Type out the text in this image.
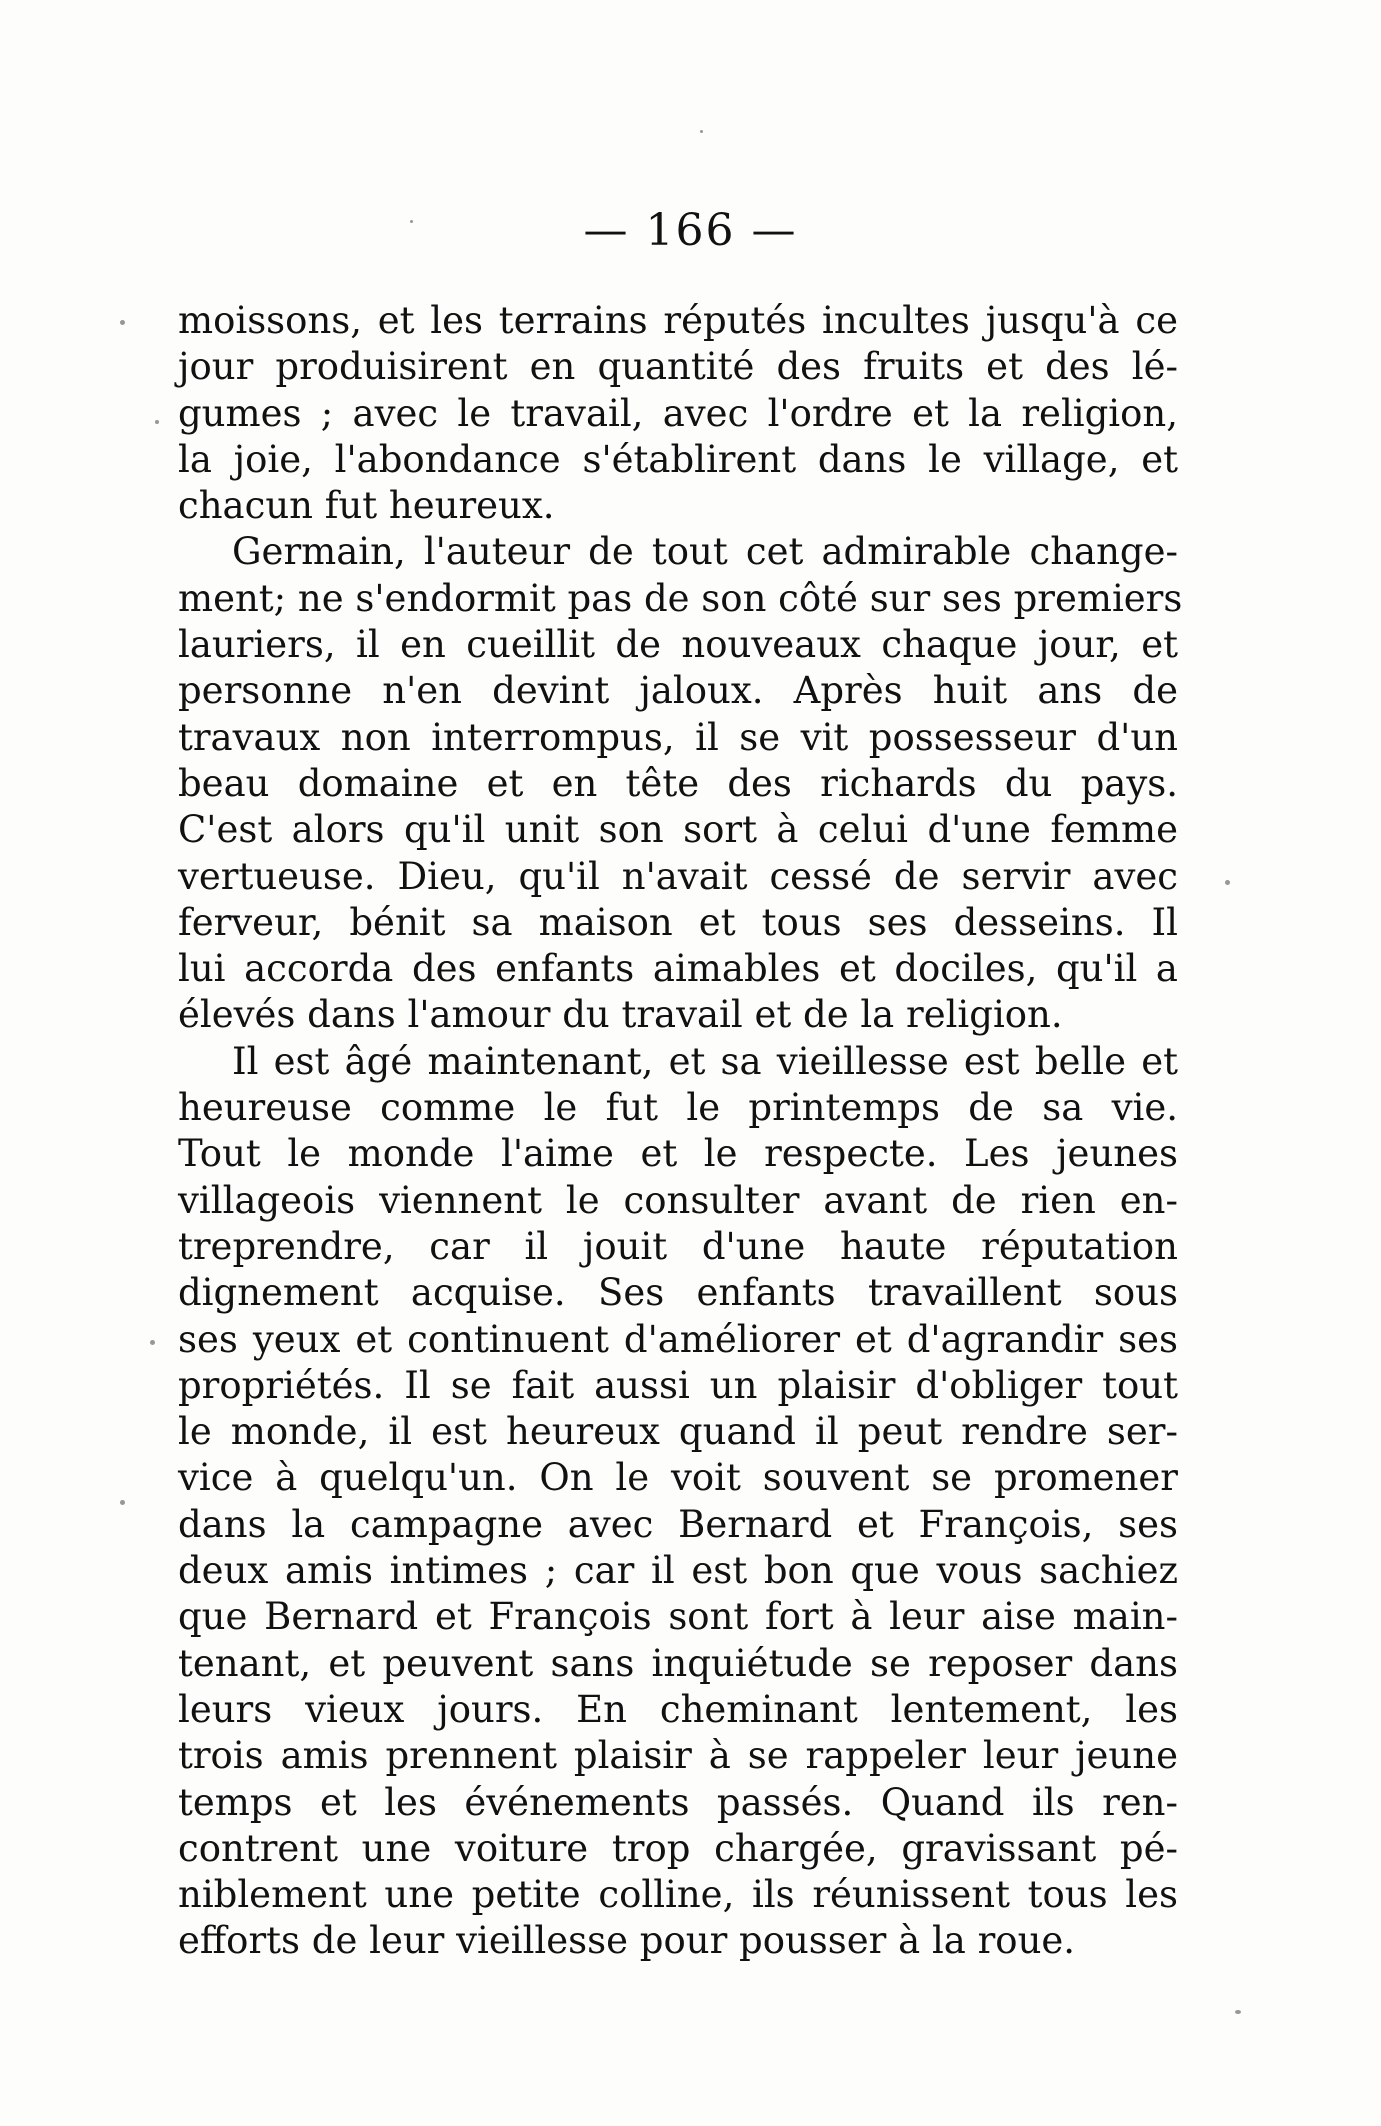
— 166 —
moissons, et les terrains réputés incultes jusqu'à ce
jour produisirent en quantité des fruits et des lé-
gumes ; avec le travail, avec l'ordre et la religion,
la joie, l'abondance s'établirent dans le village, et
chacun fut heureux.
Germain, l'auteur de tout cet admirable change-
ment; ne s'endormit pas de son côté sur ses premiers
lauriers, il en cueillit de nouveaux chaque jour, et
personne n'en devint jaloux. Après huit ans de
travaux non interrompus, il se vit possesseur d'un
beau domaine et en tête des richards du pays.
C'est alors qu'il unit son sort à celui d'une femme
vertueuse. Dieu, qu'il n'avait cessé de servir avec
ferveur, bénit sa maison et tous ses desseins. Il
lui accorda des enfants aimables et dociles, qu'il a
élevés dans l'amour du travail et de la religion.
Il est âgé maintenant, et sa vieillesse est belle et
heureuse comme le fut le printemps de sa vie.
Tout le monde l'aime et le respecte. Les jeunes
villageois viennent le consulter avant de rien en-
treprendre, car il jouit d'une haute réputation
dignement acquise. Ses enfants travaillent sous
ses yeux et continuent d'améliorer et d'agrandir ses
propriétés. Il se fait aussi un plaisir d'obliger tout
le monde, il est heureux quand il peut rendre ser-
vice à quelqu'un. On le voit souvent se promener
dans la campagne avec Bernard et François, ses
deux amis intimes ; car il est bon que vous sachiez
que Bernard et François sont fort à leur aise main-
tenant, et peuvent sans inquiétude se reposer dans
leurs vieux jours. En cheminant lentement, les
trois amis prennent plaisir à se rappeler leur jeune
temps et les événements passés. Quand ils ren-
contrent une voiture trop chargée, gravissant pé-
niblement une petite colline, ils réunissent tous les
efforts de leur vieillesse pour pousser à la roue.
